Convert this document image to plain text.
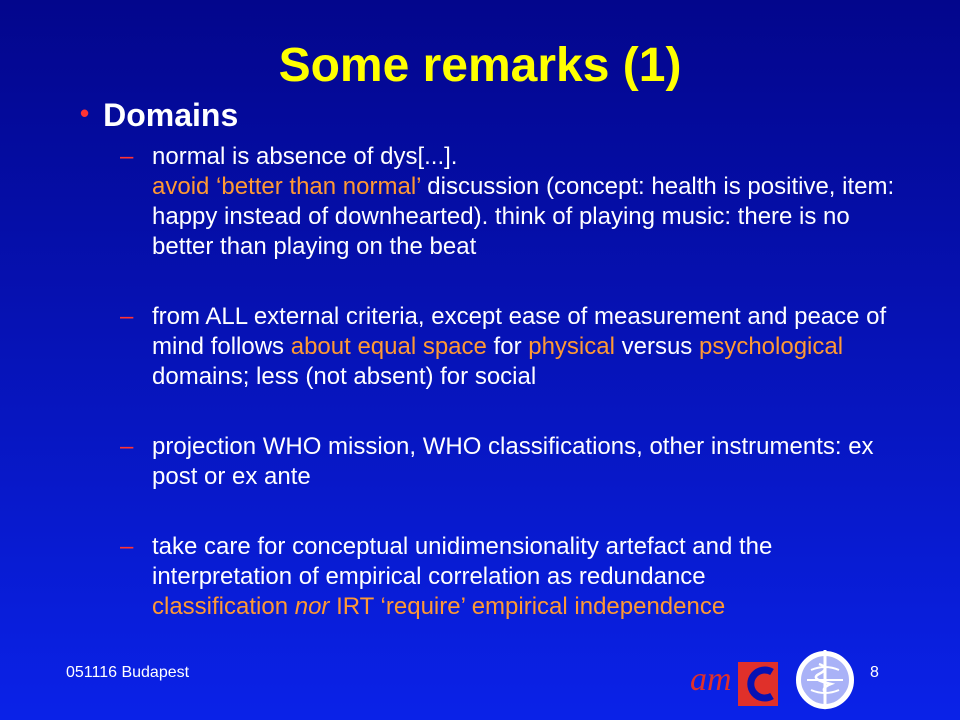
Some remarks (1)
• Domains
– normal is absence of dys[...].
avoid ‘better than normal’ discussion (concept: health is positive, item: happy instead of downhearted). think of playing music: there is no better than playing on the beat
– from ALL external criteria, except ease of measurement and peace of mind follows about equal space for physical versus psychological domains; less (not absent) for social
– projection WHO mission, WHO classifications, other instruments: ex post or ex ante
– take care for conceptual unidimensionality artefact and the interpretation of empirical correlation as redundance
classification nor IRT ‘require’ empirical independence
051116 Budapest	am	8
